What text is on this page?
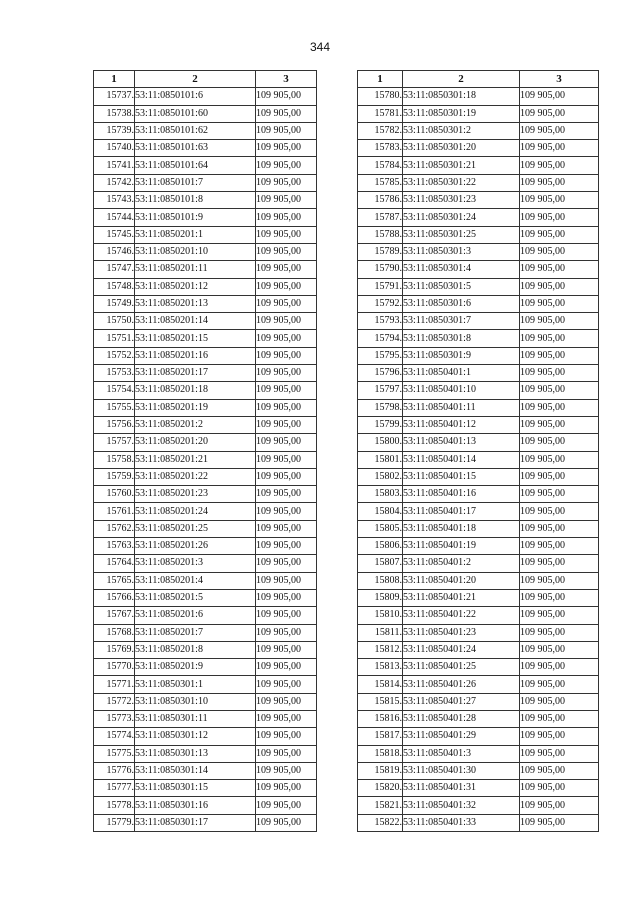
344
1	2	3
15737.	53:11:0850101:6	109 905,00
15738.	53:11:0850101:60	109 905,00
15739.	53:11:0850101:62	109 905,00
15740.	53:11:0850101:63	109 905,00
15741.	53:11:0850101:64	109 905,00
15742.	53:11:0850101:7	109 905,00
15743.	53:11:0850101:8	109 905,00
15744.	53:11:0850101:9	109 905,00
15745.	53:11:0850201:1	109 905,00
15746.	53:11:0850201:10	109 905,00
15747.	53:11:0850201:11	109 905,00
15748.	53:11:0850201:12	109 905,00
15749.	53:11:0850201:13	109 905,00
15750.	53:11:0850201:14	109 905,00
15751.	53:11:0850201:15	109 905,00
15752.	53:11:0850201:16	109 905,00
15753.	53:11:0850201:17	109 905,00
15754.	53:11:0850201:18	109 905,00
15755.	53:11:0850201:19	109 905,00
15756.	53:11:0850201:2	109 905,00
15757.	53:11:0850201:20	109 905,00
15758.	53:11:0850201:21	109 905,00
15759.	53:11:0850201:22	109 905,00
15760.	53:11:0850201:23	109 905,00
15761.	53:11:0850201:24	109 905,00
15762.	53:11:0850201:25	109 905,00
15763.	53:11:0850201:26	109 905,00
15764.	53:11:0850201:3	109 905,00
15765.	53:11:0850201:4	109 905,00
15766.	53:11:0850201:5	109 905,00
15767.	53:11:0850201:6	109 905,00
15768.	53:11:0850201:7	109 905,00
15769.	53:11:0850201:8	109 905,00
15770.	53:11:0850201:9	109 905,00
15771.	53:11:0850301:1	109 905,00
15772.	53:11:0850301:10	109 905,00
15773.	53:11:0850301:11	109 905,00
15774.	53:11:0850301:12	109 905,00
15775.	53:11:0850301:13	109 905,00
15776.	53:11:0850301:14	109 905,00
15777.	53:11:0850301:15	109 905,00
15778.	53:11:0850301:16	109 905,00
15779.	53:11:0850301:17	109 905,00
1	2	3
15780.	53:11:0850301:18	109 905,00
15781.	53:11:0850301:19	109 905,00
15782.	53:11:0850301:2	109 905,00
15783.	53:11:0850301:20	109 905,00
15784.	53:11:0850301:21	109 905,00
15785.	53:11:0850301:22	109 905,00
15786.	53:11:0850301:23	109 905,00
15787.	53:11:0850301:24	109 905,00
15788.	53:11:0850301:25	109 905,00
15789.	53:11:0850301:3	109 905,00
15790.	53:11:0850301:4	109 905,00
15791.	53:11:0850301:5	109 905,00
15792.	53:11:0850301:6	109 905,00
15793.	53:11:0850301:7	109 905,00
15794.	53:11:0850301:8	109 905,00
15795.	53:11:0850301:9	109 905,00
15796.	53:11:0850401:1	109 905,00
15797.	53:11:0850401:10	109 905,00
15798.	53:11:0850401:11	109 905,00
15799.	53:11:0850401:12	109 905,00
15800.	53:11:0850401:13	109 905,00
15801.	53:11:0850401:14	109 905,00
15802.	53:11:0850401:15	109 905,00
15803.	53:11:0850401:16	109 905,00
15804.	53:11:0850401:17	109 905,00
15805.	53:11:0850401:18	109 905,00
15806.	53:11:0850401:19	109 905,00
15807.	53:11:0850401:2	109 905,00
15808.	53:11:0850401:20	109 905,00
15809.	53:11:0850401:21	109 905,00
15810.	53:11:0850401:22	109 905,00
15811.	53:11:0850401:23	109 905,00
15812.	53:11:0850401:24	109 905,00
15813.	53:11:0850401:25	109 905,00
15814.	53:11:0850401:26	109 905,00
15815.	53:11:0850401:27	109 905,00
15816.	53:11:0850401:28	109 905,00
15817.	53:11:0850401:29	109 905,00
15818.	53:11:0850401:3	109 905,00
15819.	53:11:0850401:30	109 905,00
15820.	53:11:0850401:31	109 905,00
15821.	53:11:0850401:32	109 905,00
15822.	53:11:0850401:33	109 905,00
